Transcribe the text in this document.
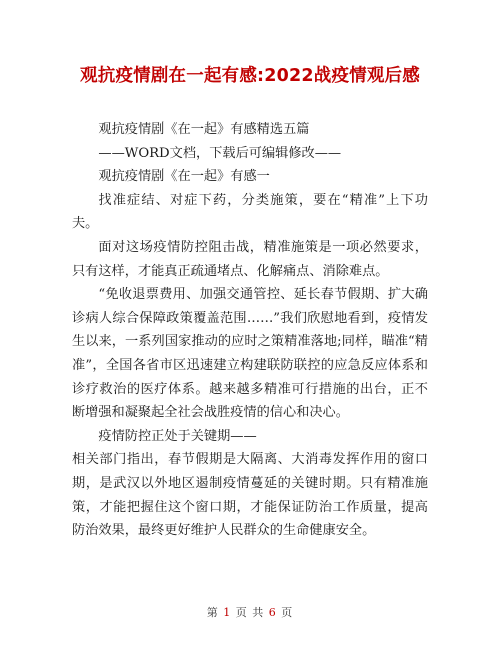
观抗疫情剧在一起有感:2022战疫情观后感

观抗疫情剧《在一起》有感精选五篇

——WORD文档，下载后可编辑修改——

观抗疫情剧《在一起》有感一

找准症结、对症下药，分类施策，要在“精准”上下功夫。

面对这场疫情防控阻击战，精准施策是一项必然要求，只有这样，才能真正疏通堵点、化解痛点、消除难点。

“免收退票费用、加强交通管控、延长春节假期、扩大确诊病人综合保障政策覆盖范围……”我们欣慰地看到，疫情发生以来，一系列国家推动的应时之策精准落地;同样，瞄准“精准”，全国各省市区迅速建立构建联防联控的应急反应体系和诊疗救治的医疗体系。越来越多精准可行措施的出台，正不断增强和凝聚起全社会战胜疫情的信心和决心。

疫情防控正处于关键期——

相关部门指出，春节假期是大隔离、大消毒发挥作用的窗口期，是武汉以外地区遏制疫情蔓延的关键时期。只有精准施策，才能把握住这个窗口期，才能保证防治工作质量，提高防治效果，最终更好维护人民群众的生命健康安全。

第 1 页 共 6 页
